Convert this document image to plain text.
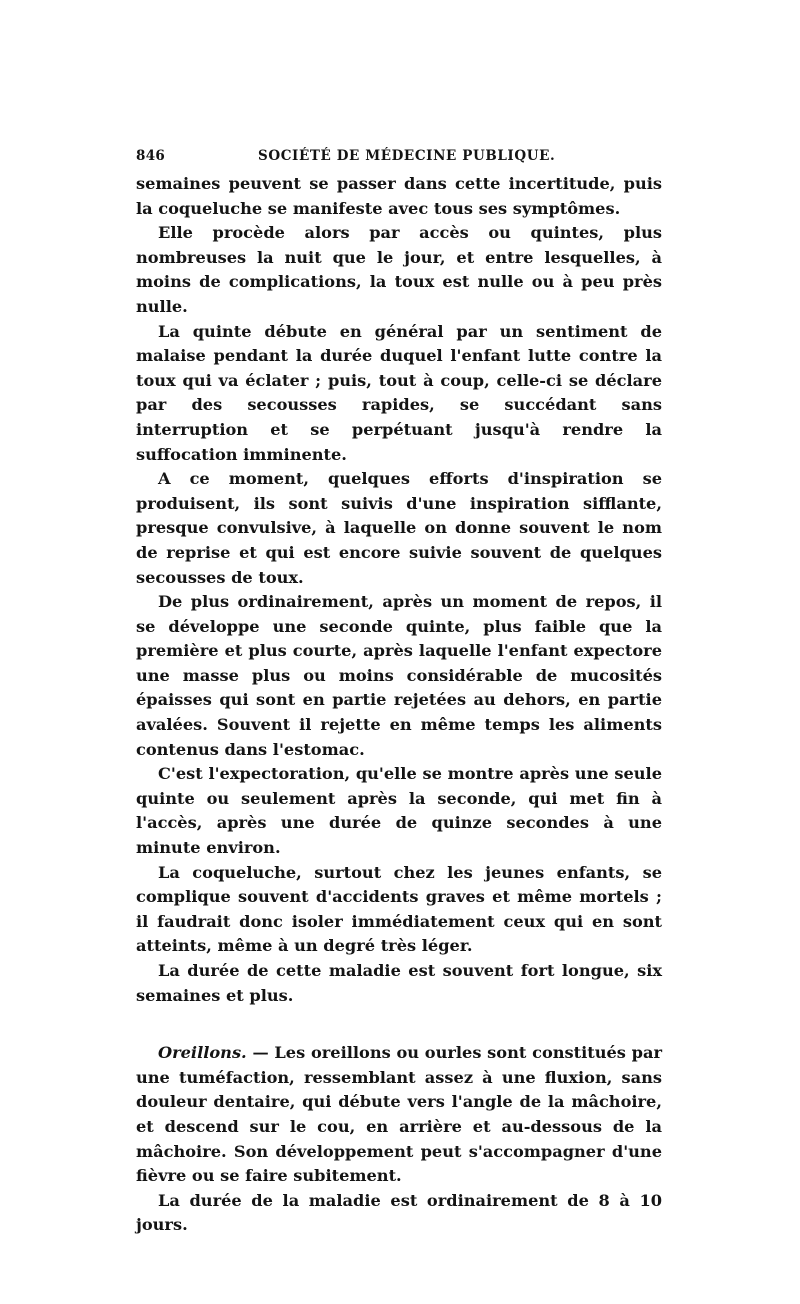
846	SOCIÉTÉ DE MÉDECINE PUBLIQUE.

semaines peuvent se passer dans cette incertitude, puis la coqueluche se manifeste avec tous ses symptômes.

Elle procède alors par accès ou quintes, plus nombreuses la nuit que le jour, et entre lesquelles, à moins de complications, la toux est nulle ou à peu près nulle.

La quinte débute en général par un sentiment de malaise pendant la durée duquel l'enfant lutte contre la toux qui va éclater ; puis, tout à coup, celle-ci se déclare par des secousses rapides, se succédant sans interruption et se perpétuant jusqu'à rendre la suffocation imminente.

A ce moment, quelques efforts d'inspiration se produisent, ils sont suivis d'une inspiration sifflante, presque convulsive, à laquelle on donne souvent le nom de reprise et qui est encore suivie souvent de quelques secousses de toux.

De plus ordinairement, après un moment de repos, il se développe une seconde quinte, plus faible que la première et plus courte, après laquelle l'enfant expectore une masse plus ou moins considérable de mucosités épaisses qui sont en partie rejetées au dehors, en partie avalées. Souvent il rejette en même temps les aliments contenus dans l'estomac.

C'est l'expectoration, qu'elle se montre après une seule quinte ou seulement après la seconde, qui met fin à l'accès, après une durée de quinze secondes à une minute environ.

La coqueluche, surtout chez les jeunes enfants, se complique souvent d'accidents graves et même mortels ; il faudrait donc isoler immédiatement ceux qui en sont atteints, même à un degré très léger.

La durée de cette maladie est souvent fort longue, six semaines et plus.

Oreillons. — Les oreillons ou ourles sont constitués par une tuméfaction, ressemblant assez à une fluxion, sans douleur dentaire, qui débute vers l'angle de la mâchoire, et descend sur le cou, en arrière et au-dessous de la mâchoire. Son développement peut s'accompagner d'une fièvre ou se faire subitement.

La durée de la maladie est ordinairement de 8 à 10 jours.
